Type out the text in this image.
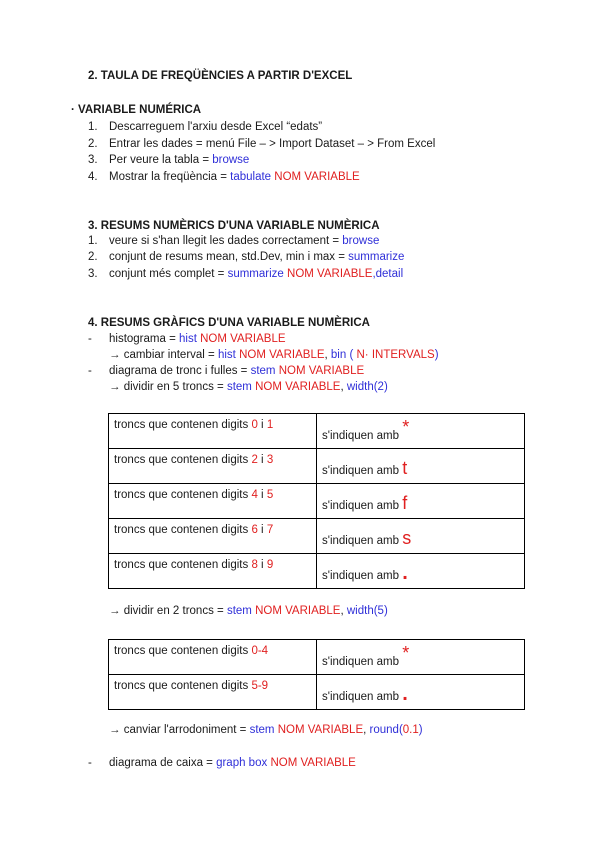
2. TAULA DE FREQÜÈNCIES A PARTIR D'EXCEL
· VARIABLE NUMÉRICA
1. Descarreguem l'arxiu desde Excel “edats”
2. Entrar les dades = menú File – > Import Dataset – > From Excel
3. Per veure la tabla = browse
4. Mostrar la freqüència = tabulate NOM VARIABLE
3. RESUMS NUMÈRICS D'UNA VARIABLE NUMÈRICA
1. veure si s'han llegit les dades correctament = browse
2. conjunt de resums mean, std.Dev, min i max = summarize
3. conjunt més complet = summarize NOM VARIABLE,detail
4. RESUMS GRÀFICS D'UNA VARIABLE NUMÈRICA
- histograma = hist NOM VARIABLE
→ cambiar interval = hist NOM VARIABLE, bin ( N· INTERVALS)
- diagrama de tronc i fulles = stem NOM VARIABLE
→ dividir en 5 troncs = stem NOM VARIABLE, width(2)
troncs que contenen digits 0 i 1	s'indiquen amb *
troncs que contenen digits 2 i 3	s'indiquen amb t
troncs que contenen digits 4 i 5	s'indiquen amb f
troncs que contenen digits 6 i 7	s'indiquen amb s
troncs que contenen digits 8 i 9	s'indiquen amb .
→ dividir en 2 troncs = stem NOM VARIABLE, width(5)
troncs que contenen digits 0-4	s'indiquen amb *
troncs que contenen digits 5-9	s'indiquen amb .
→ canviar l'arrodoniment = stem NOM VARIABLE, round(0.1)
- diagrama de caixa = graph box NOM VARIABLE
